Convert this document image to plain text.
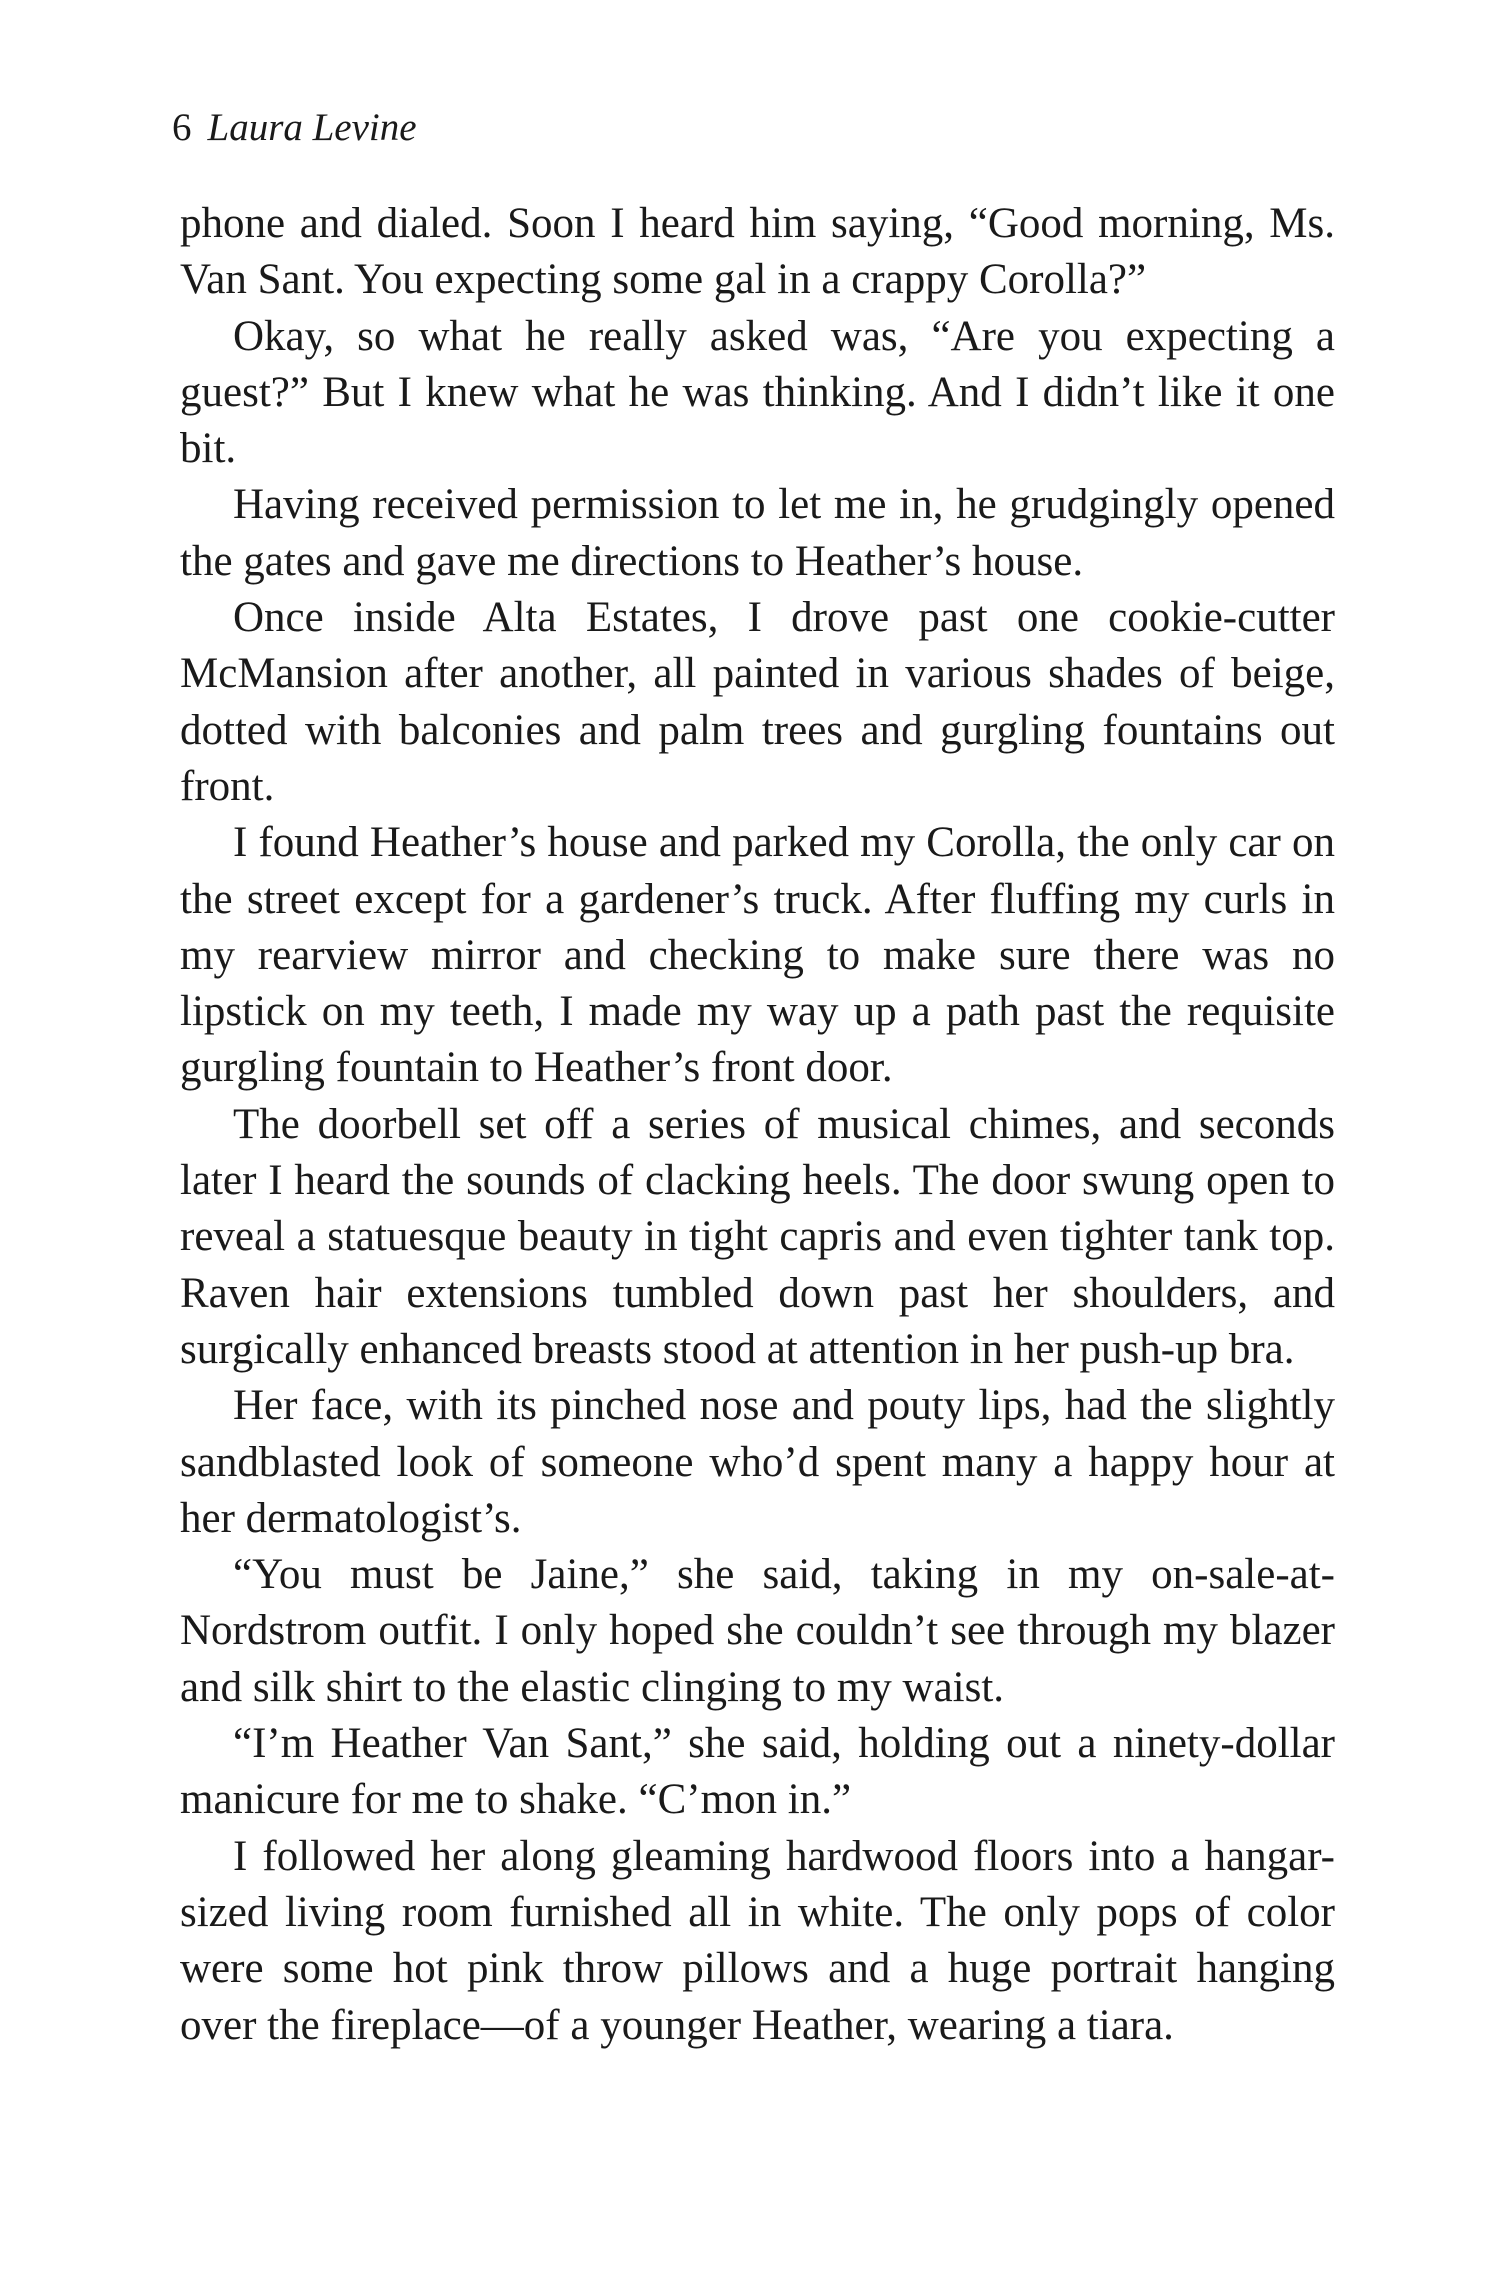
6 Laura Levine

phone and dialed. Soon I heard him saying, “Good morning, Ms. Van Sant. You expecting some gal in a crappy Corolla?”

Okay, so what he really asked was, “Are you expecting a guest?” But I knew what he was thinking. And I didn’t like it one bit.

Having received permission to let me in, he grudgingly opened the gates and gave me directions to Heather’s house.

Once inside Alta Estates, I drove past one cookie-cutter McMansion after another, all painted in various shades of beige, dotted with balconies and palm trees and gurgling fountains out front.

I found Heather’s house and parked my Corolla, the only car on the street except for a gardener’s truck. After fluffing my curls in my rearview mirror and checking to make sure there was no lipstick on my teeth, I made my way up a path past the requisite gurgling fountain to Heather’s front door.

The doorbell set off a series of musical chimes, and seconds later I heard the sounds of clacking heels. The door swung open to reveal a statuesque beauty in tight capris and even tighter tank top. Raven hair extensions tumbled down past her shoulders, and surgically enhanced breasts stood at attention in her push-up bra.

Her face, with its pinched nose and pouty lips, had the slightly sandblasted look of someone who’d spent many a happy hour at her dermatologist’s.

“You must be Jaine,” she said, taking in my on-sale-at-Nordstrom outfit. I only hoped she couldn’t see through my blazer and silk shirt to the elastic clinging to my waist.

“I’m Heather Van Sant,” she said, holding out a ninety-dollar manicure for me to shake. “C’mon in.”

I followed her along gleaming hardwood floors into a hangar-sized living room furnished all in white. The only pops of color were some hot pink throw pillows and a huge portrait hanging over the fireplace—of a younger Heather, wearing a tiara.
